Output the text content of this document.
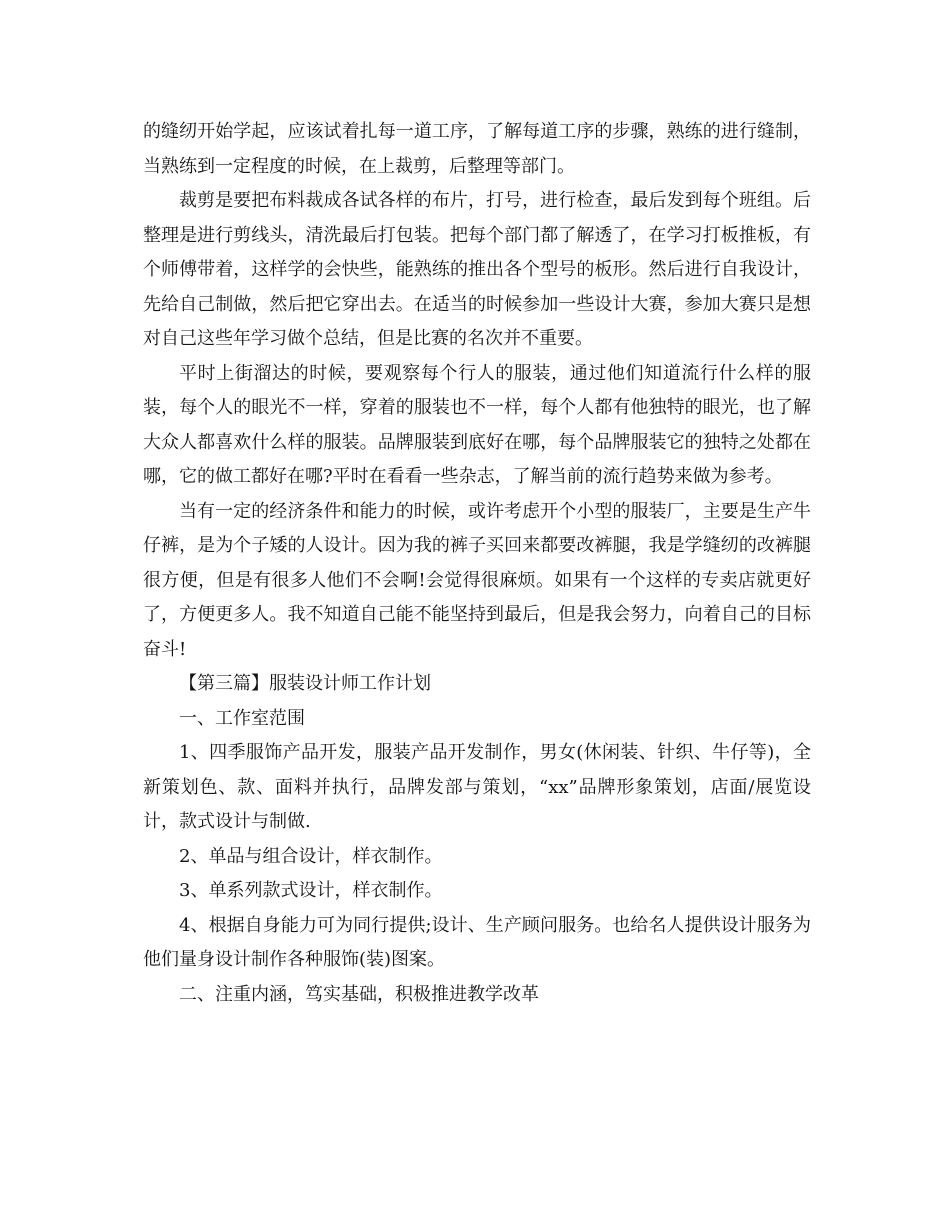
的缝纫开始学起，应该试着扎每一道工序，了解每道工序的步骤，熟练的进行缝制，当熟练到一定程度的时候，在上裁剪，后整理等部门。

裁剪是要把布料裁成各试各样的布片，打号，进行检查，最后发到每个班组。后整理是进行剪线头，清洗最后打包装。把每个部门都了解透了，在学习打板推板，有个师傅带着，这样学的会快些，能熟练的推出各个型号的板形。然后进行自我设计，先给自己制做，然后把它穿出去。在适当的时候参加一些设计大赛，参加大赛只是想对自己这些年学习做个总结，但是比赛的名次并不重要。

平时上街溜达的时候，要观察每个行人的服装，通过他们知道流行什么样的服装，每个人的眼光不一样，穿着的服装也不一样，每个人都有他独特的眼光，也了解大众人都喜欢什么样的服装。品牌服装到底好在哪，每个品牌服装它的独特之处都在哪，它的做工都好在哪?平时在看看一些杂志，了解当前的流行趋势来做为参考。

当有一定的经济条件和能力的时候，或许考虑开个小型的服装厂，主要是生产牛仔裤，是为个子矮的人设计。因为我的裤子买回来都要改裤腿，我是学缝纫的改裤腿很方便，但是有很多人他们不会啊!会觉得很麻烦。如果有一个这样的专卖店就更好了，方便更多人。我不知道自己能不能坚持到最后，但是我会努力，向着自己的目标奋斗!

【第三篇】服装设计师工作计划

一、工作室范围

1、四季服饰产品开发，服装产品开发制作，男女(休闲装、针织、牛仔等)，全新策划色、款、面料并执行，品牌发部与策划，“xx”品牌形象策划，店面/展览设计，款式设计与制做.

2、单品与组合设计，样衣制作。

3、单系列款式设计，样衣制作。

4、根据自身能力可为同行提供;设计、生产顾问服务。也给名人提供设计服务为他们量身设计制作各种服饰(装)图案。

二、注重内涵，笃实基础，积极推进教学改革
